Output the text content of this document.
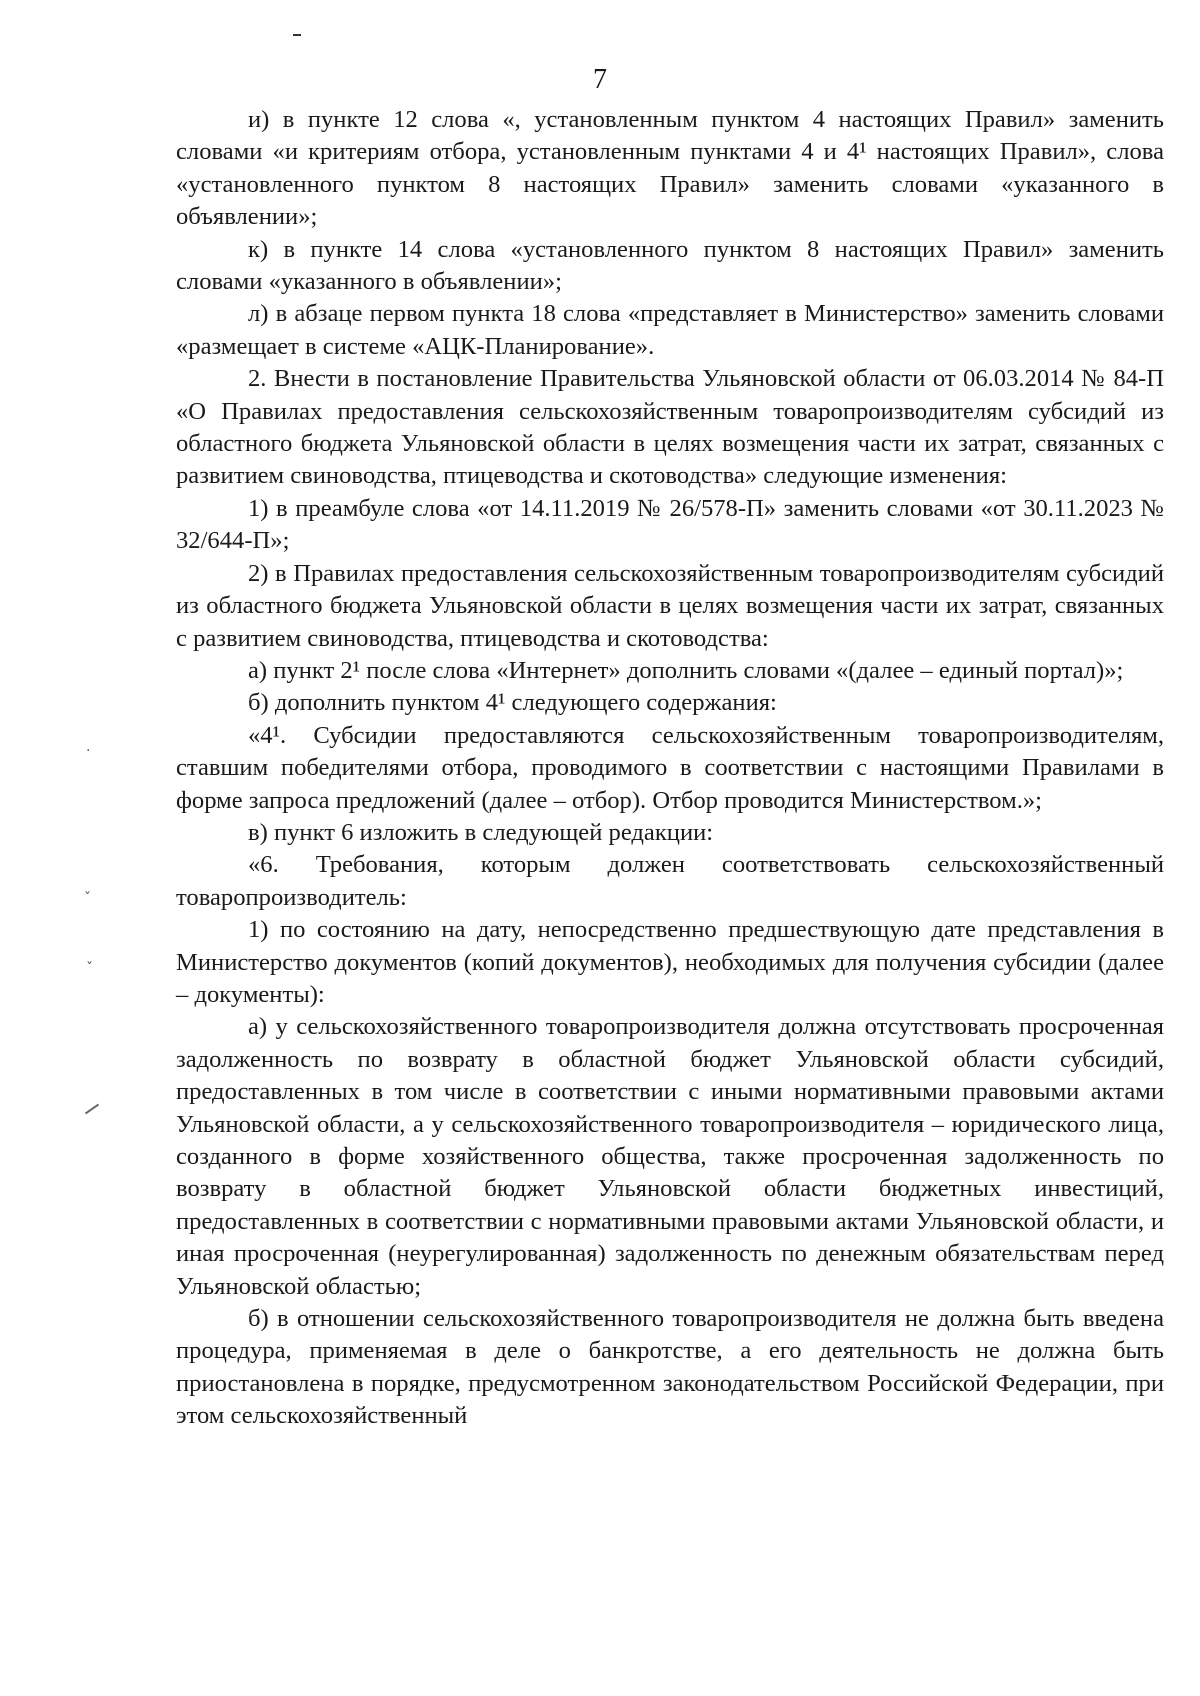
·
ˇ
ˇ
7

и) в пункте 12 слова «, установленным пунктом 4 настоящих Правил» заменить словами «и критериям отбора, установленным пунктами 4 и 4¹ настоящих Правил», слова «установленного пунктом 8 настоящих Правил» заменить словами «указанного в объявлении»;

к) в пункте 14 слова «установленного пунктом 8 настоящих Правил» заменить словами «указанного в объявлении»;

л) в абзаце первом пункта 18 слова «представляет в Министерство» заменить словами «размещает в системе «АЦК-Планирование».

2. Внести в постановление Правительства Ульяновской области от 06.03.2014 № 84-П «О Правилах предоставления сельскохозяйственным товаропроизводителям субсидий из областного бюджета Ульяновской области в целях возмещения части их затрат, связанных с развитием свиноводства, птицеводства и скотоводства» следующие изменения:

1) в преамбуле слова «от 14.11.2019 № 26/578-П» заменить словами «от 30.11.2023 № 32/644-П»;

2) в Правилах предоставления сельскохозяйственным товаропроизводителям субсидий из областного бюджета Ульяновской области в целях возмещения части их затрат, связанных с развитием свиноводства, птицеводства и скотоводства:

а) пункт 2¹ после слова «Интернет» дополнить словами «(далее – единый портал)»;

б) дополнить пунктом 4¹ следующего содержания:

«4¹. Субсидии предоставляются сельскохозяйственным товаропроизводителям, ставшим победителями отбора, проводимого в соответствии с настоящими Правилами в форме запроса предложений (далее – отбор). Отбор проводится Министерством.»;

в) пункт 6 изложить в следующей редакции:

«6. Требования, которым должен соответствовать сельскохозяйственный товаропроизводитель:

1) по состоянию на дату, непосредственно предшествующую дате представления в Министерство документов (копий документов), необходимых для получения субсидии (далее – документы):

а) у сельскохозяйственного товаропроизводителя должна отсутствовать просроченная задолженность по возврату в областной бюджет Ульяновской области субсидий, предоставленных в том числе в соответствии с иными нормативными правовыми актами Ульяновской области, а у сельскохозяйственного товаропроизводителя – юридического лица, созданного в форме хозяйственного общества, также просроченная задолженность по возврату в областной бюджет Ульяновской области бюджетных инвестиций, предоставленных в соответствии с нормативными правовыми актами Ульяновской области, и иная просроченная (неурегулированная) задолженность по денежным обязательствам перед Ульяновской областью;

б) в отношении сельскохозяйственного товаропроизводителя не должна быть введена процедура, применяемая в деле о банкротстве, а его деятельность не должна быть приостановлена в порядке, предусмотренном законодательством Российской Федерации, при этом сельскохозяйственный
